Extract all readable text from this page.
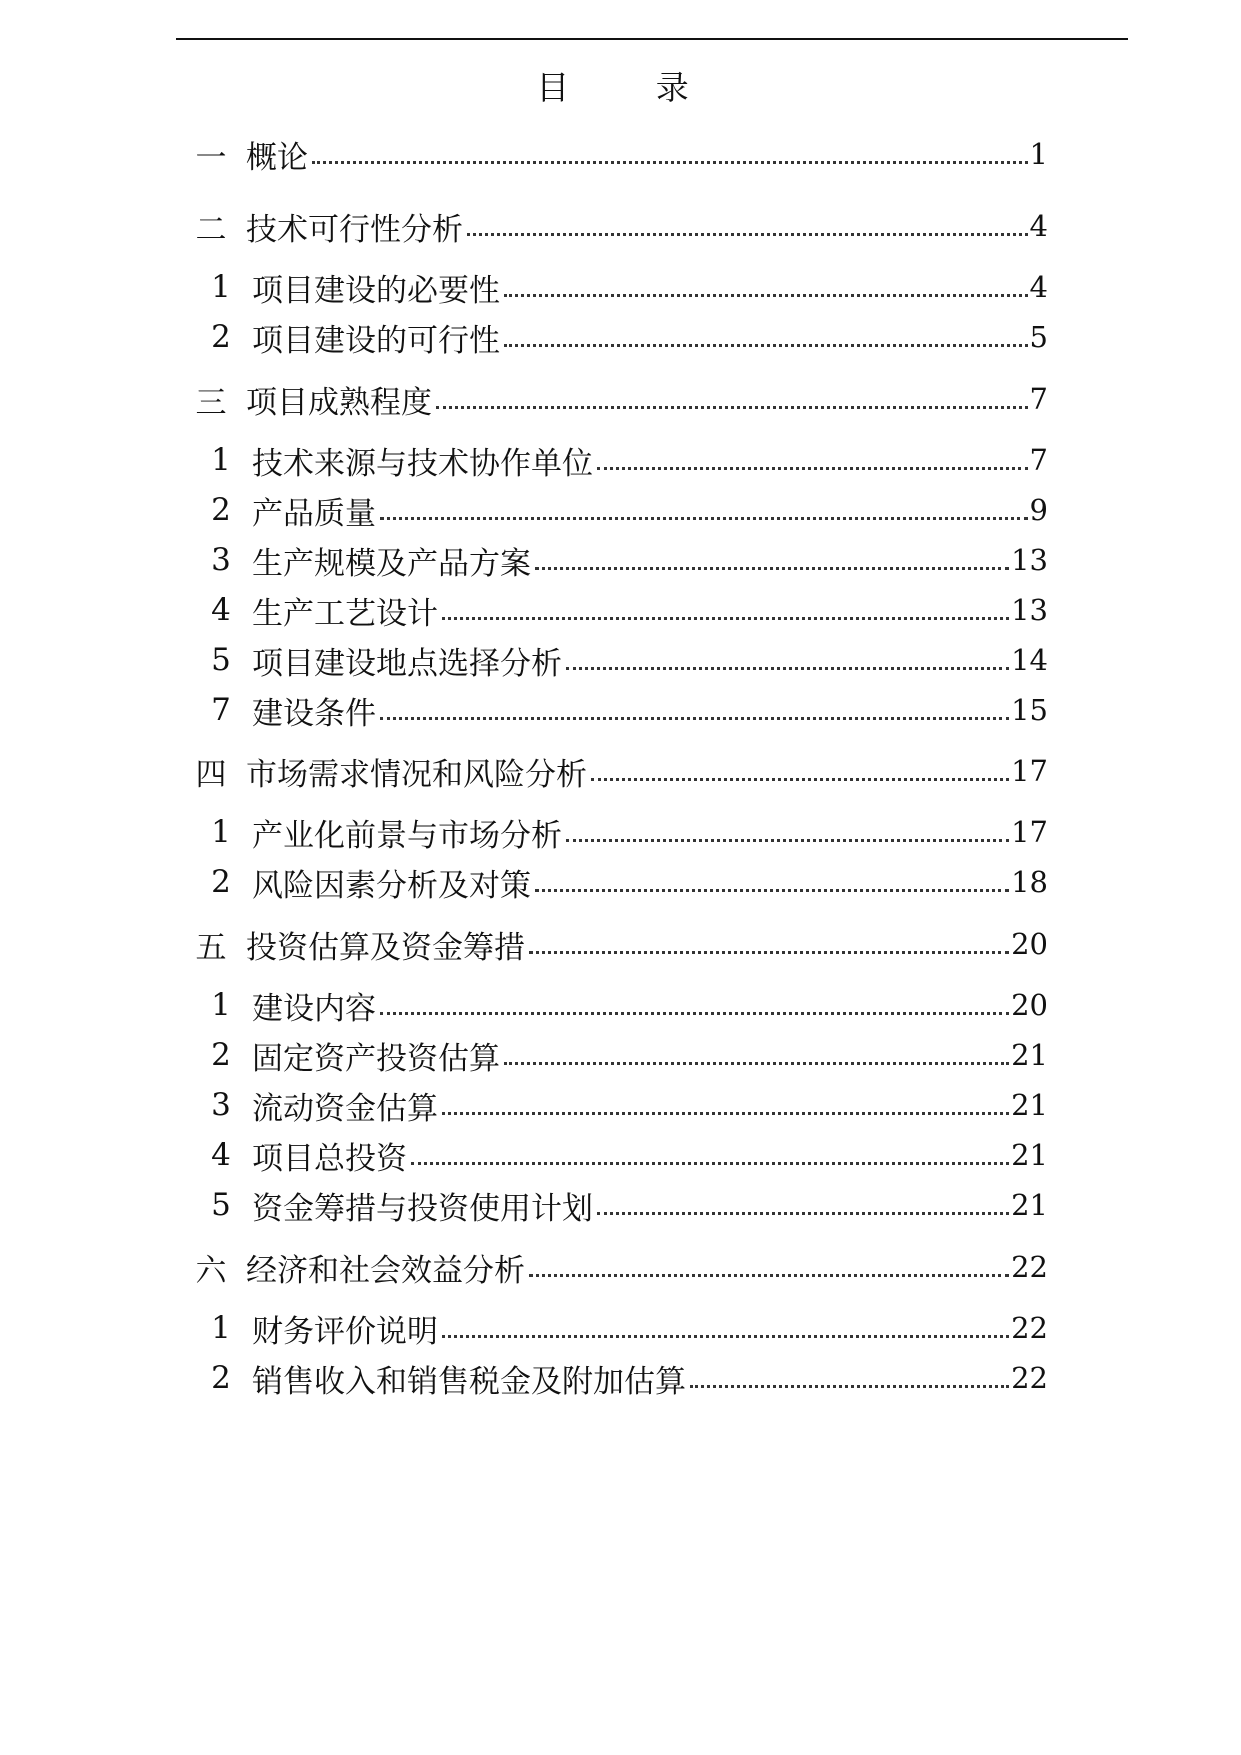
目 录
一 概论	1
二 技术可行性分析	4
1 项目建设的必要性	4
2 项目建设的可行性	5
三 项目成熟程度	7
1 技术来源与技术协作单位	7
2 产品质量	9
3 生产规模及产品方案	13
4 生产工艺设计	13
5 项目建设地点选择分析	14
7 建设条件	15
四 市场需求情况和风险分析	17
1 产业化前景与市场分析	17
2 风险因素分析及对策	18
五 投资估算及资金筹措	20
1 建设内容	20
2 固定资产投资估算	21
3 流动资金估算	21
4 项目总投资	21
5 资金筹措与投资使用计划	21
六 经济和社会效益分析	22
1 财务评价说明	22
2 销售收入和销售税金及附加估算	22
